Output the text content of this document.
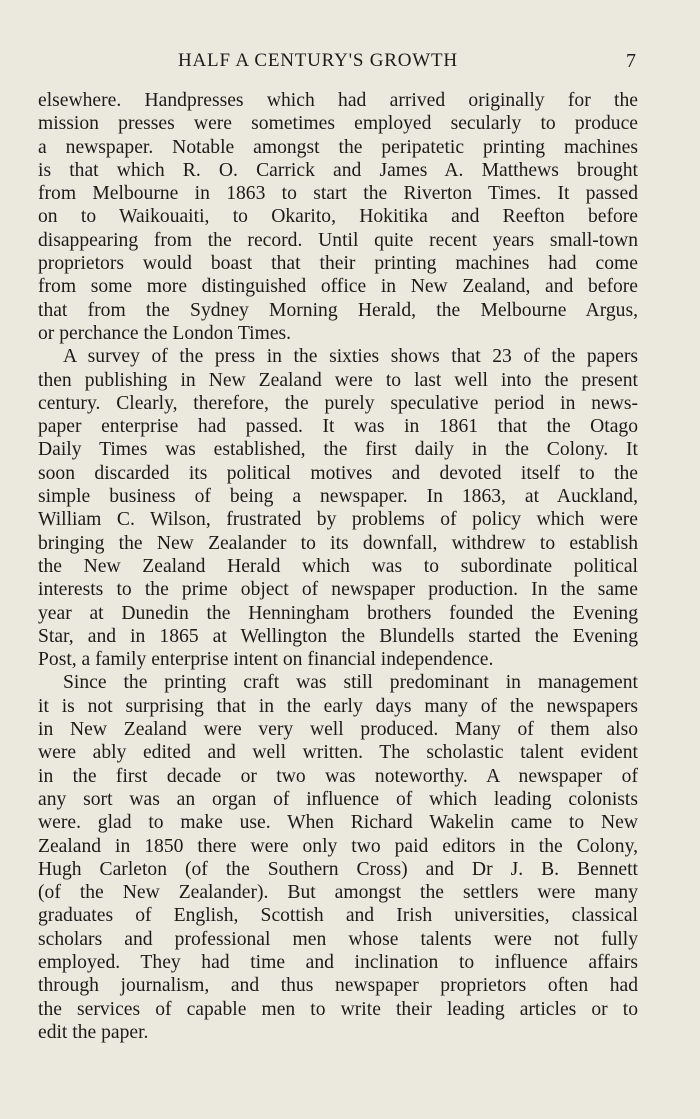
HALF A CENTURY'S GROWTH	7
elsewhere. Handpresses which had arrived originally for the
mission presses were sometimes employed secularly to produce
a newspaper. Notable amongst the peripatetic printing machines
is that which R. O. Carrick and James A. Matthews brought
from Melbourne in 1863 to start the Riverton Times. It passed
on to Waikouaiti, to Okarito, Hokitika and Reefton before
disappearing from the record. Until quite recent years small-town
proprietors would boast that their printing machines had come
from some more distinguished office in New Zealand, and before
that from the Sydney Morning Herald, the Melbourne Argus,
or perchance the London Times.
A survey of the press in the sixties shows that 23 of the papers
then publishing in New Zealand were to last well into the present
century. Clearly, therefore, the purely speculative period in news-
paper enterprise had passed. It was in 1861 that the Otago
Daily Times was established, the first daily in the Colony. It
soon discarded its political motives and devoted itself to the
simple business of being a newspaper. In 1863, at Auckland,
William C. Wilson, frustrated by problems of policy which were
bringing the New Zealander to its downfall, withdrew to establish
the New Zealand Herald which was to subordinate political
interests to the prime object of newspaper production. In the same
year at Dunedin the Henningham brothers founded the Evening
Star, and in 1865 at Wellington the Blundells started the Evening
Post, a family enterprise intent on financial independence.
Since the printing craft was still predominant in management
it is not surprising that in the early days many of the newspapers
in New Zealand were very well produced. Many of them also
were ably edited and well written. The scholastic talent evident
in the first decade or two was noteworthy. A newspaper of
any sort was an organ of influence of which leading colonists
were. glad to make use. When Richard Wakelin came to New
Zealand in 1850 there were only two paid editors in the Colony,
Hugh Carleton (of the Southern Cross) and Dr J. B. Bennett
(of the New Zealander). But amongst the settlers were many
graduates of English, Scottish and Irish universities, classical
scholars and professional men whose talents were not fully
employed. They had time and inclination to influence affairs
through journalism, and thus newspaper proprietors often had
the services of capable men to write their leading articles or to
edit the paper.
